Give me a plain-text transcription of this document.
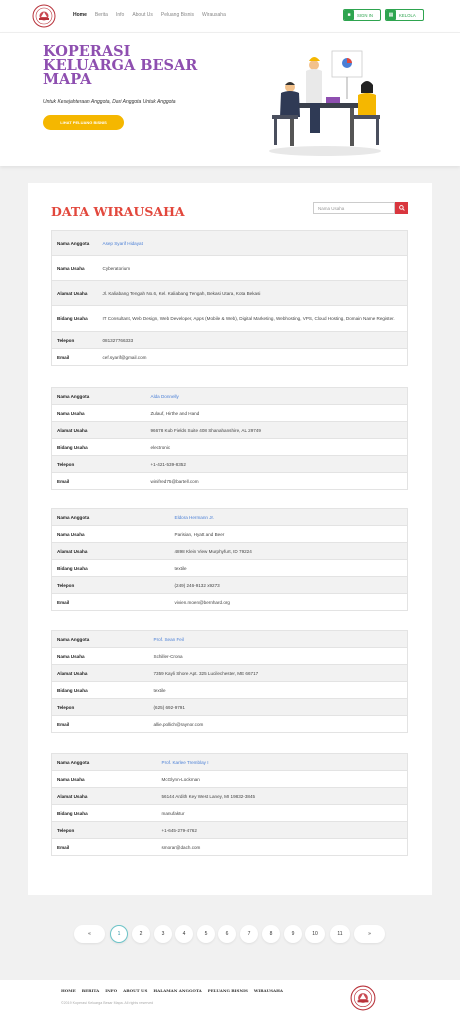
Home Berita Info About Us Peluang Bisnis Wirausaha	■	SIGN IN	▦	KELOLA
KOPERASI KELUARGA BESAR MAPA
Untuk Kesejahteraan Anggota, Dari Anggota Untuk Anggota
LIHAT PELUANG BISNIS
DATA WIRAUSAHA	Nama Usaha
Nama Anggota	Asep Syarif Hidayat
Nama Usaha	Cyberatorium
Alamat Usaha	Jl. Kaliabang Tengah No.6, Kel. Kaliabang Tengah, Bekasi Utara, Kota Bekasi
Bidang Usaha	IT Consultant, Web Design, Web Developer, Apps (Mobile & Web), Digital Marketing, Webhosting, VPS, Cloud Hosting, Domain Name Register.
Telepon	081327766333
Email	cef.syarif@gmail.com
Nama Anggota	Alda Donnelly
Nama Usaha	Zulauf, Hirthe and Hand
Alamat Usaha	96678 Kub Fields Suite 408 Shanahanshire, AL 29749
Bidang Usaha	electronic
Telepon	+1-421-539-8352
Email	winifred75@bartell.com
Nama Anggota	Eldora Hermann Jr.
Nama Usaha	Parisian, Hyatt and Beer
Alamat Usaha	4898 Klein View Murphyfurt, ID 79224
Bidang Usaha	textile
Telepon	(249) 246-9132 x9273
Email	vivien.moen@bernhard.org
Nama Anggota	Prof. Sean Feil
Nama Usaha	Schiller-Crona
Alamat Usaha	7359 Kayli Shore Apt. 325 Lucilechester, ME 66717
Bidang Usaha	textile
Telepon	(625) 692-9791
Email	allie.pollich@raynor.com
Nama Anggota	Prof. Karlee Tremblay I
Nama Usaha	McGlynn-Lockman
Alamat Usaha	56144 Ardith Key West Laney, MI 19832-3845
Bidang Usaha	manufaktur
Telepon	+1-645-279-4762
Email	smorar@dach.com
«	1	2	3	4	5	6	7	8	9	10	11	»
HOME BERITA INFO ABOUT US HALAMAN ANGGOTA PELUANG BISNIS WIRAUSAHA
©2019 Koperasi Keluarga Besar Mapa. All rights reserved
